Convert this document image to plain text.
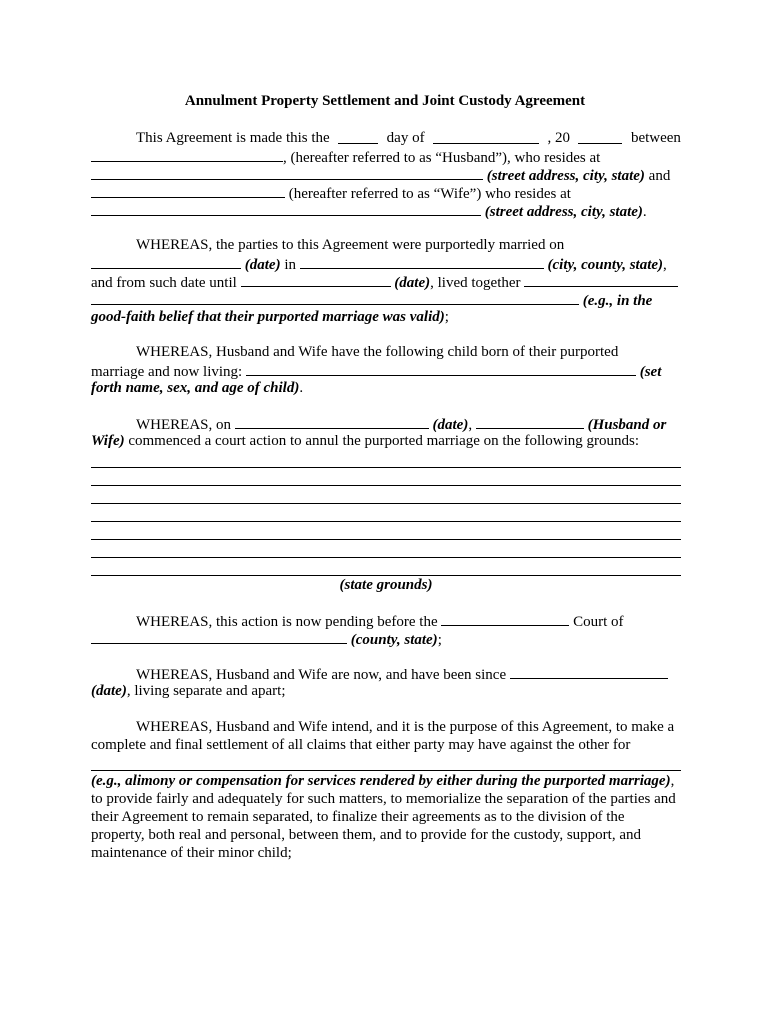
Annulment Property Settlement and Joint Custody Agreement
This Agreement is made this the	day of	, 20	between
, (hereafter referred to as “Husband”), who resides at
(street address, city, state) and
(hereafter referred to as “Wife”) who resides at
(street address, city, state).
WHEREAS, the parties to this Agreement were purportedly married on
(date) in	(city, county, state),
and from such date until	(date), lived together
(e.g., in the
good-faith belief that their purported marriage was valid);
WHEREAS, Husband and Wife have the following child born of their purported
marriage and now living:	(set
forth name, sex, and age of child).
WHEREAS, on	(date),	(Husband or
Wife) commenced a court action to annul the purported marriage on the following grounds:
(state grounds)
WHEREAS, this action is now pending before the	Court of
(county, state);
WHEREAS, Husband and Wife are now, and have been since
(date), living separate and apart;
WHEREAS, Husband and Wife intend, and it is the purpose of this Agreement, to make a
complete and final settlement of all claims that either party may have against the other for
(e.g., alimony or compensation for services rendered by either during the purported marriage),
to provide fairly and adequately for such matters, to memorialize the separation of the parties and
their Agreement to remain separated, to finalize their agreements as to the division of the
property, both real and personal, between them, and to provide for the custody, support, and
maintenance of their minor child;
